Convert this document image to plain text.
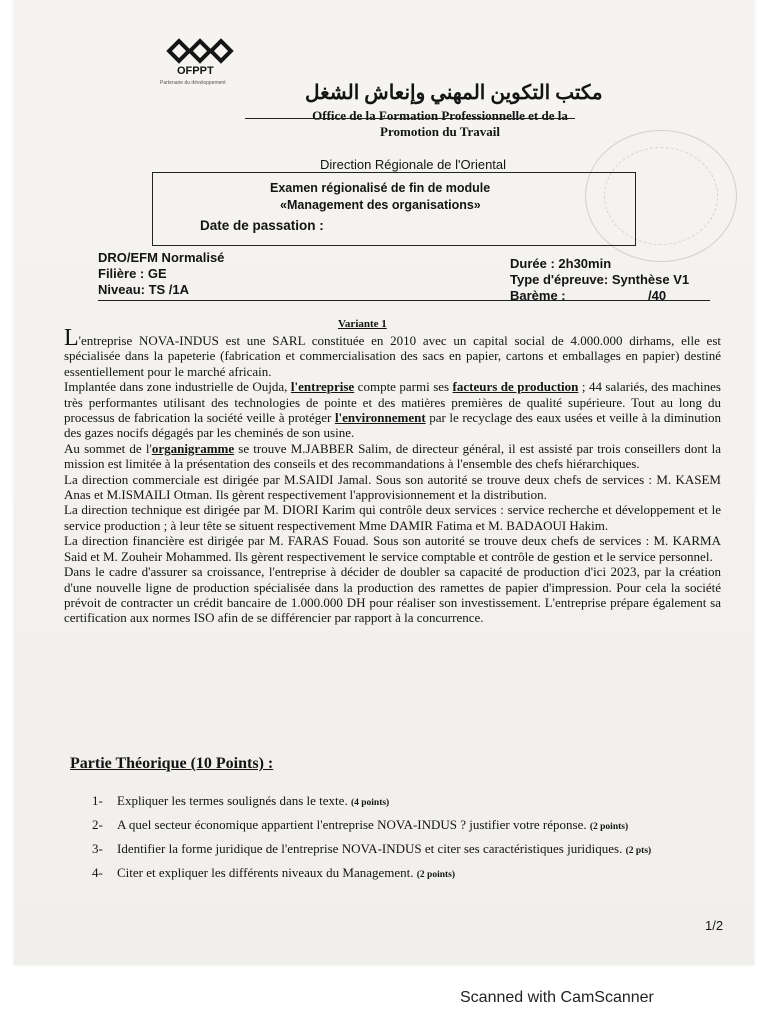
OFPPT
Partenaire du développement	مكتب التكوين المهني وإنعاش الشغل
Office de la Formation Professionnelle et de la
Promotion du Travail
Direction Régionale de l'Oriental
Examen régionalisé de fin de module
«Management des organisations»
Date de passation :
DRO/EFM Normalisé
Filière : GE
Niveau: TS /1A
Durée : 2h30min
Type d'épreuve: Synthèse V1
Barème :	/40
Variante 1

L'entreprise NOVA-INDUS est une SARL constituée en 2010 avec un capital social de 4.000.000 dirhams, elle est spécialisée dans la papeterie (fabrication et commercialisation des sacs en papier, cartons et emballages en papier) destiné essentiellement pour le marché africain.

Implantée dans zone industrielle de Oujda, l'entreprise compte parmi ses facteurs de production ; 44 salariés, des machines très performantes utilisant des technologies de pointe et des matières premières de qualité supérieure. Tout au long du processus de fabrication la société veille à protéger l'environnement par le recyclage des eaux usées et veille à la diminution des gazes nocifs dégagés par les cheminés de son usine.

Au sommet de l'organigramme se trouve M.JABBER Salim, de directeur général, il est assisté par trois conseillers dont la mission est limitée à la présentation des conseils et des recommandations à l'ensemble des chefs hiérarchiques.

La direction commerciale est dirigée par M.SAIDI Jamal. Sous son autorité se trouve deux chefs de services : M. KASEM Anas et M.ISMAILI Otman. Ils gèrent respectivement l'approvisionnement et la distribution.

La direction technique est dirigée par M. DIORI Karim qui contrôle deux services : service recherche et développement et le service production ; à leur tête se situent respectivement Mme DAMIR Fatima et M. BADAOUI Hakim.

La direction financière est dirigée par M. FARAS Fouad. Sous son autorité se trouve deux chefs de services : M. KARMA Said et M. Zouheir Mohammed. Ils gèrent respectivement le service comptable et contrôle de gestion et le service personnel.

Dans le cadre d'assurer sa croissance, l'entreprise à décider de doubler sa capacité de production d'ici 2023, par la création d'une nouvelle ligne de production spécialisée dans la production des ramettes de papier d'impression. Pour cela la société prévoit de contracter un crédit bancaire de 1.000.000 DH pour réaliser son investissement. L'entreprise prépare également sa certification aux normes ISO afin de se différencier par rapport à la concurrence.

Partie Théorique (10 Points) :
1- Expliquer les termes soulignés dans le texte. (4 points)
2- A quel secteur économique appartient l'entreprise NOVA-INDUS ? justifier votre réponse. (2 points)
3- Identifier la forme juridique de l'entreprise NOVA-INDUS et citer ses caractéristiques juridiques. (2 pts)
4- Citer et expliquer les différents niveaux du Management. (2 points)
1/2
Scanned with CamScanner
